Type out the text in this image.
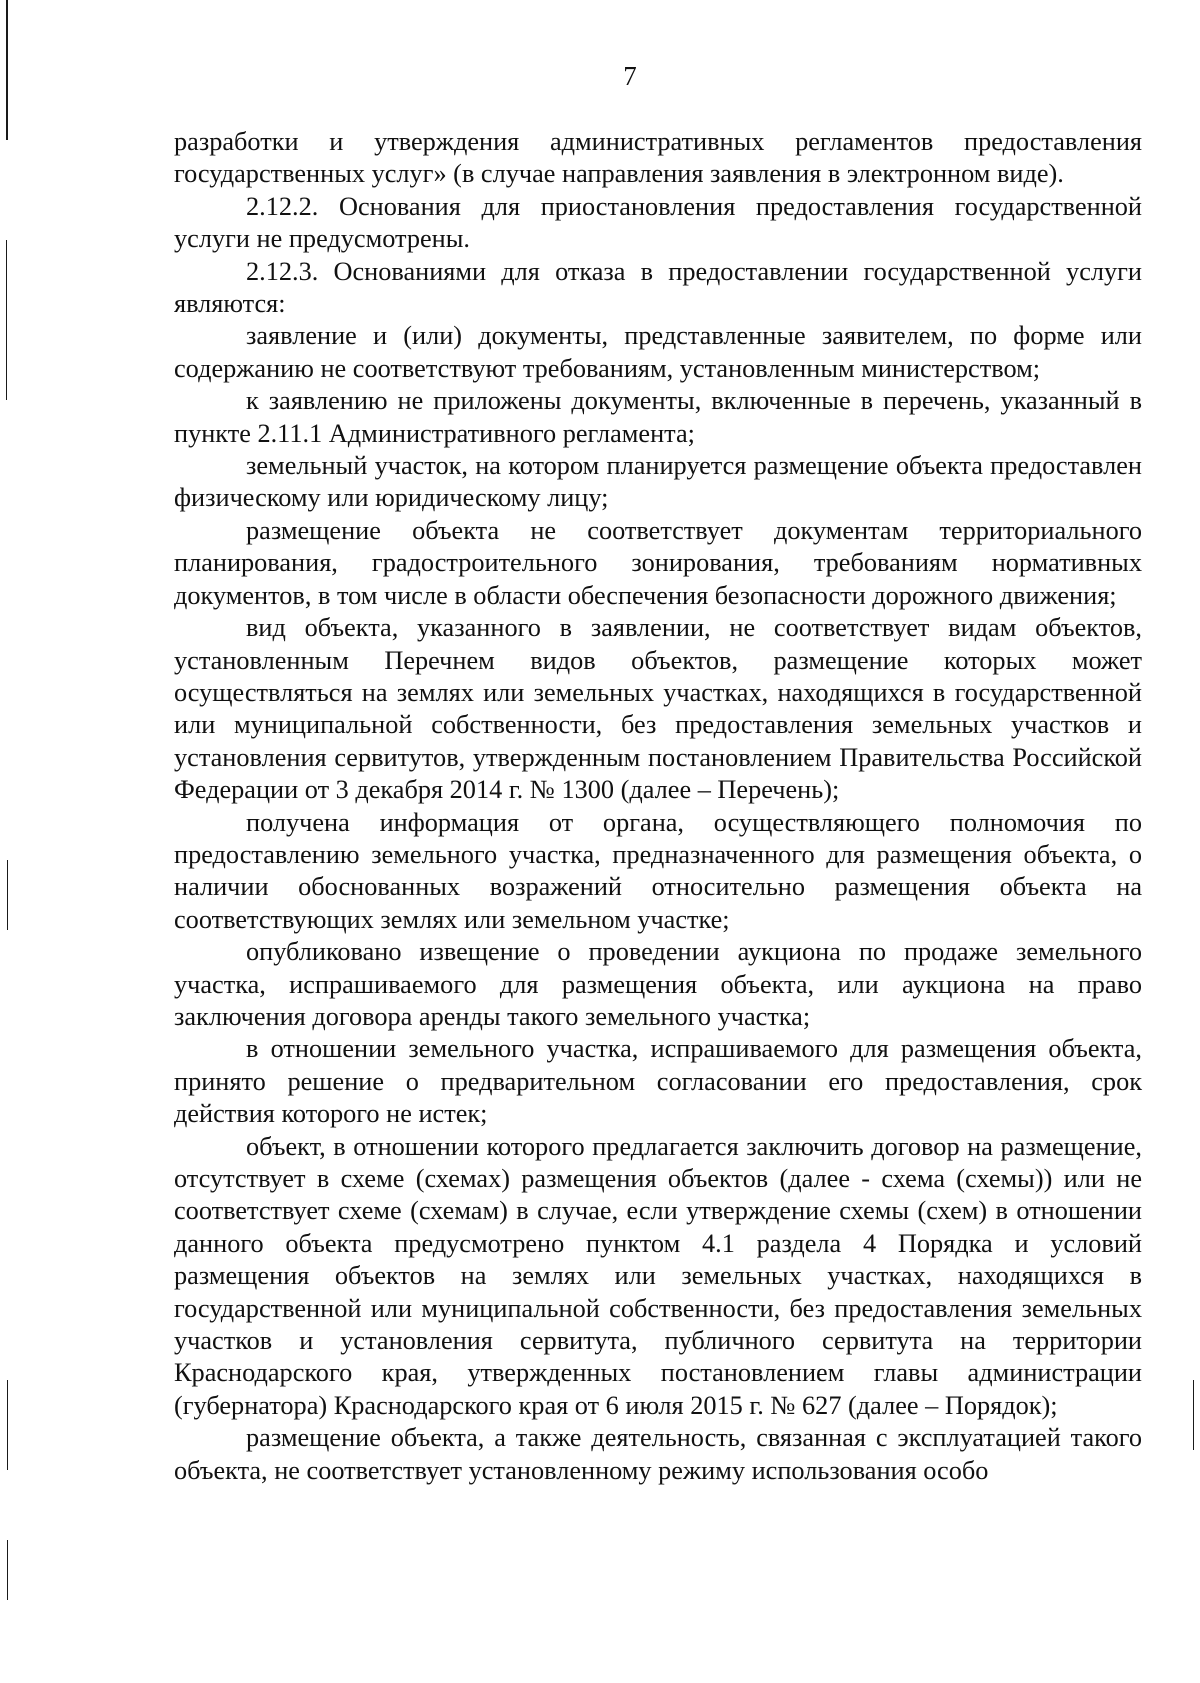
7

разработки и утверждения административных регламентов предоставления государственных услуг» (в случае направления заявления в электронном виде).

2.12.2. Основания для приостановления предоставления государственной услуги не предусмотрены.

2.12.3. Основаниями для отказа в предоставлении государственной услуги являются:

заявление и (или) документы, представленные заявителем, по форме или содержанию не соответствуют требованиям, установленным министерством;

к заявлению не приложены документы, включенные в перечень, указанный в пункте 2.11.1 Административного регламента;

земельный участок, на котором планируется размещение объекта предоставлен физическому или юридическому лицу;

размещение объекта не соответствует документам территориального планирования, градостроительного зонирования, требованиям нормативных документов, в том числе в области обеспечения безопасности дорожного движения;

вид объекта, указанного в заявлении, не соответствует видам объектов, установленным Перечнем видов объектов, размещение которых может осуществляться на землях или земельных участках, находящихся в государственной или муниципальной собственности, без предоставления земельных участков и установления сервитутов, утвержденным постановлением Правительства Российской Федерации от 3 декабря 2014 г. № 1300 (далее – Перечень);

получена информация от органа, осуществляющего полномочия по предоставлению земельного участка, предназначенного для размещения объекта, о наличии обоснованных возражений относительно размещения объекта на соответствующих землях или земельном участке;

опубликовано извещение о проведении аукциона по продаже земельного участка, испрашиваемого для размещения объекта, или аукциона на право заключения договора аренды такого земельного участка;

в отношении земельного участка, испрашиваемого для размещения объекта, принято решение о предварительном согласовании его предоставления, срок действия которого не истек;

объект, в отношении которого предлагается заключить договор на размещение, отсутствует в схеме (схемах) размещения объектов (далее - схема (схемы)) или не соответствует схеме (схемам) в случае, если утверждение схемы (схем) в отношении данного объекта предусмотрено пунктом 4.1 раздела 4 Порядка и условий размещения объектов на землях или земельных участках, находящихся в государственной или муниципальной собственности, без предоставления земельных участков и установления сервитута, публичного сервитута на территории Краснодарского края, утвержденных постановлением главы администрации (губернатора) Краснодарского края от 6 июля 2015 г. № 627 (далее – Порядок);

размещение объекта, а также деятельность, связанная с эксплуатацией такого объекта, не соответствует установленному режиму использования особо
